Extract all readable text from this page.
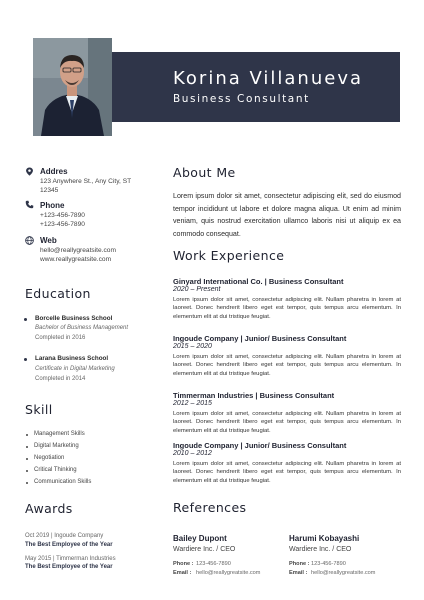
Korina Villanueva
Business Consultant
Addres
123 Anywhere St., Any City, ST
12345
Phone
+123-456-7890
+123-456-7890
Web
hello@reallygreatsite.com
www.reallygreatsite.com
Education
Borcelle Business School
Bachelor of Business Management
Completed in 2016
Larana Business School
Certificate in Digital Marketing
Completed in 2014
Skill
Management Skills
Digital Marketing
Negotiation
Critical Thinking
Communication Skills
Awards
Oct 2019 | Ingoude Company
The Best Employee of the Year
May 2015 | Timmerman Industries
The Best Employee of the Year
About Me
Lorem ipsum dolor sit amet, consectetur adipiscing elit, sed do eiusmod tempor incididunt ut labore et dolore magna aliqua. Ut enim ad minim veniam, quis nostrud exercitation ullamco laboris nisi ut aliquip ex ea commodo consequat.
Work Experience
Ginyard International Co. | Business Consultant
2020 – Present
Lorem ipsum dolor sit amet, consectetur adipiscing elit. Nullam pharetra in lorem at laoreet. Donec hendrerit libero eget est tempor, quis tempus arcu elementum. In elementum elit at dui tristique feugiat.
Ingoude Company | Junior/ Business Consultant
2015 – 2020
Lorem ipsum dolor sit amet, consectetur adipiscing elit. Nullam pharetra in lorem at laoreet. Donec hendrerit libero eget est tempor, quis tempus arcu elementum. In elementum elit at dui tristique feugiat.
Timmerman Industries | Business Consultant
2012 – 2015
Lorem ipsum dolor sit amet, consectetur adipiscing elit. Nullam pharetra in lorem at laoreet. Donec hendrerit libero eget est tempor, quis tempus arcu elementum. In elementum elit at dui tristique feugiat.
Ingoude Company | Junior/ Business Consultant
2010 – 2012
Lorem ipsum dolor sit amet, consectetur adipiscing elit. Nullam pharetra in lorem at laoreet. Donec hendrerit libero eget est tempor, quis tempus arcu elementum. In elementum elit at dui tristique feugiat.
References
Bailey Dupont
Wardiere Inc. / CEO
Phone : 123-456-7890
Email : hello@reallygreatsite.com
Harumi Kobayashi
Wardiere Inc. / CEO
Phone : 123-456-7890
Email : hello@reallygreatsite.com
